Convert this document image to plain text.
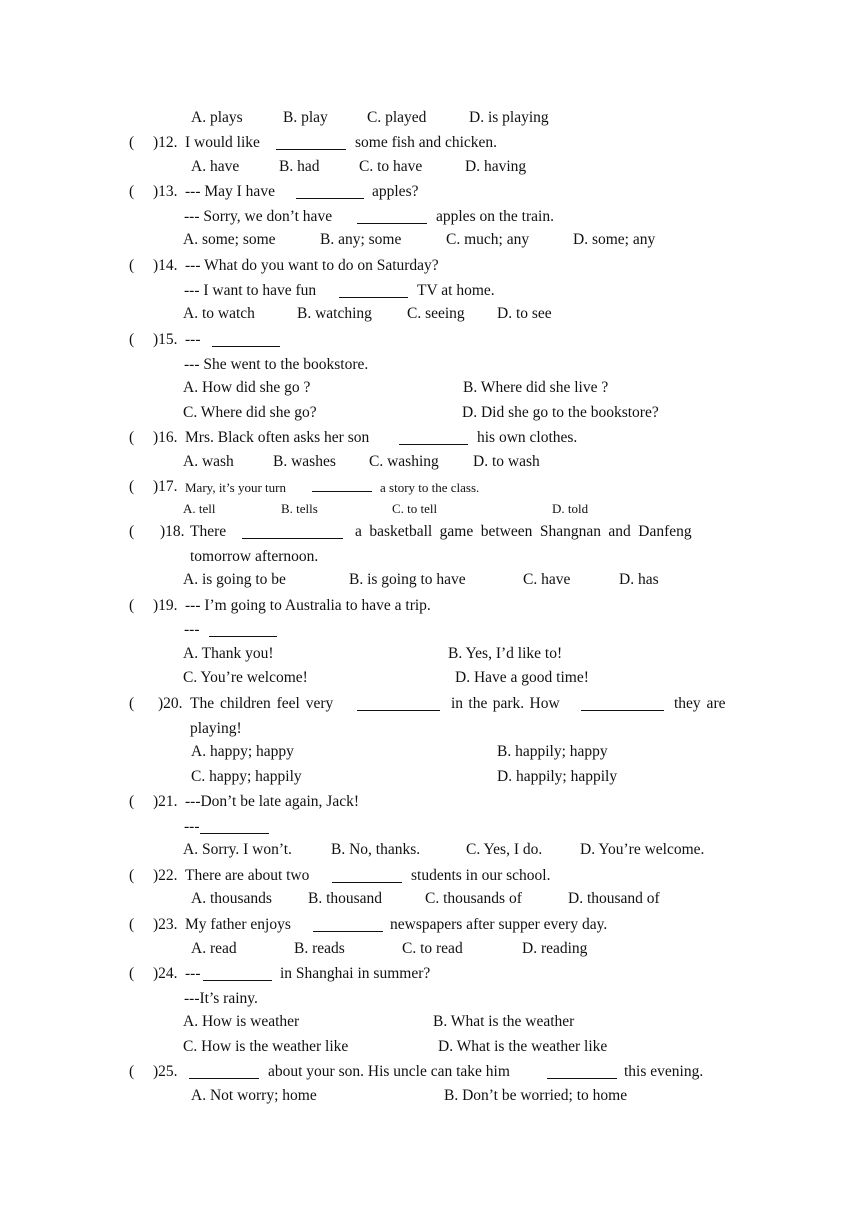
A. plays	B. play	C. played	D. is playing
( )12. I would like	some fish and chicken.
A. have	B. had	C. to have	D. having
( )13. --- May I have	apples?
--- Sorry, we don’t have	apples on the train.
A. some; some	B. any; some	C. much; any	D. some; any
( )14. --- What do you want to do on Saturday?
--- I want to have fun	TV at home.
A. to watch	B. watching C. seeing D. to see
( )15. ---
--- She went to the bookstore.
A. How did she go ?	B. Where did she live ?
C. Where did she go?	D. Did she go to the bookstore?
( )16. Mrs. Black often asks her son	his own clothes.
A. wash	B. washes C. washing D. to wash
( )17. Mary, it’s your turn	a story to the class.
A. tell	B. tells	C. to tell	D. told
( )18. There	a basketball game between Shangnan and Danfeng
tomorrow afternoon.
A. is going to be	B. is going to have	C. have	D. has
( )19. --- I’m going to Australia to have a trip.
---
A. Thank you!	B. Yes, I’d like to!
C. You’re welcome!	D. Have a good time!
( )20. The children feel very	in the park. How	they are
playing!
A. happy; happy	B. happily; happy
C. happy; happily	D. happily; happily
( )21. ---Don’t be late again, Jack!
---
A. Sorry. I won’t.	B. No, thanks.	C. Yes, I do. D. You’re welcome.
( )22. There are about two	students in our school.
A. thousands B. thousand	C. thousands of	D. thousand of
( )23. My father enjoys	newspapers after supper every day.
A. read	B. reads	C. to read	D. reading
( )24. ---	in Shanghai in summer?
---It’s rainy.
A. How is weather	B. What is the weather
C. How is the weather like	D. What is the weather like
( )25.	about your son. His uncle can take him	this evening.
A. Not worry; home	B. Don’t be worried; to home
